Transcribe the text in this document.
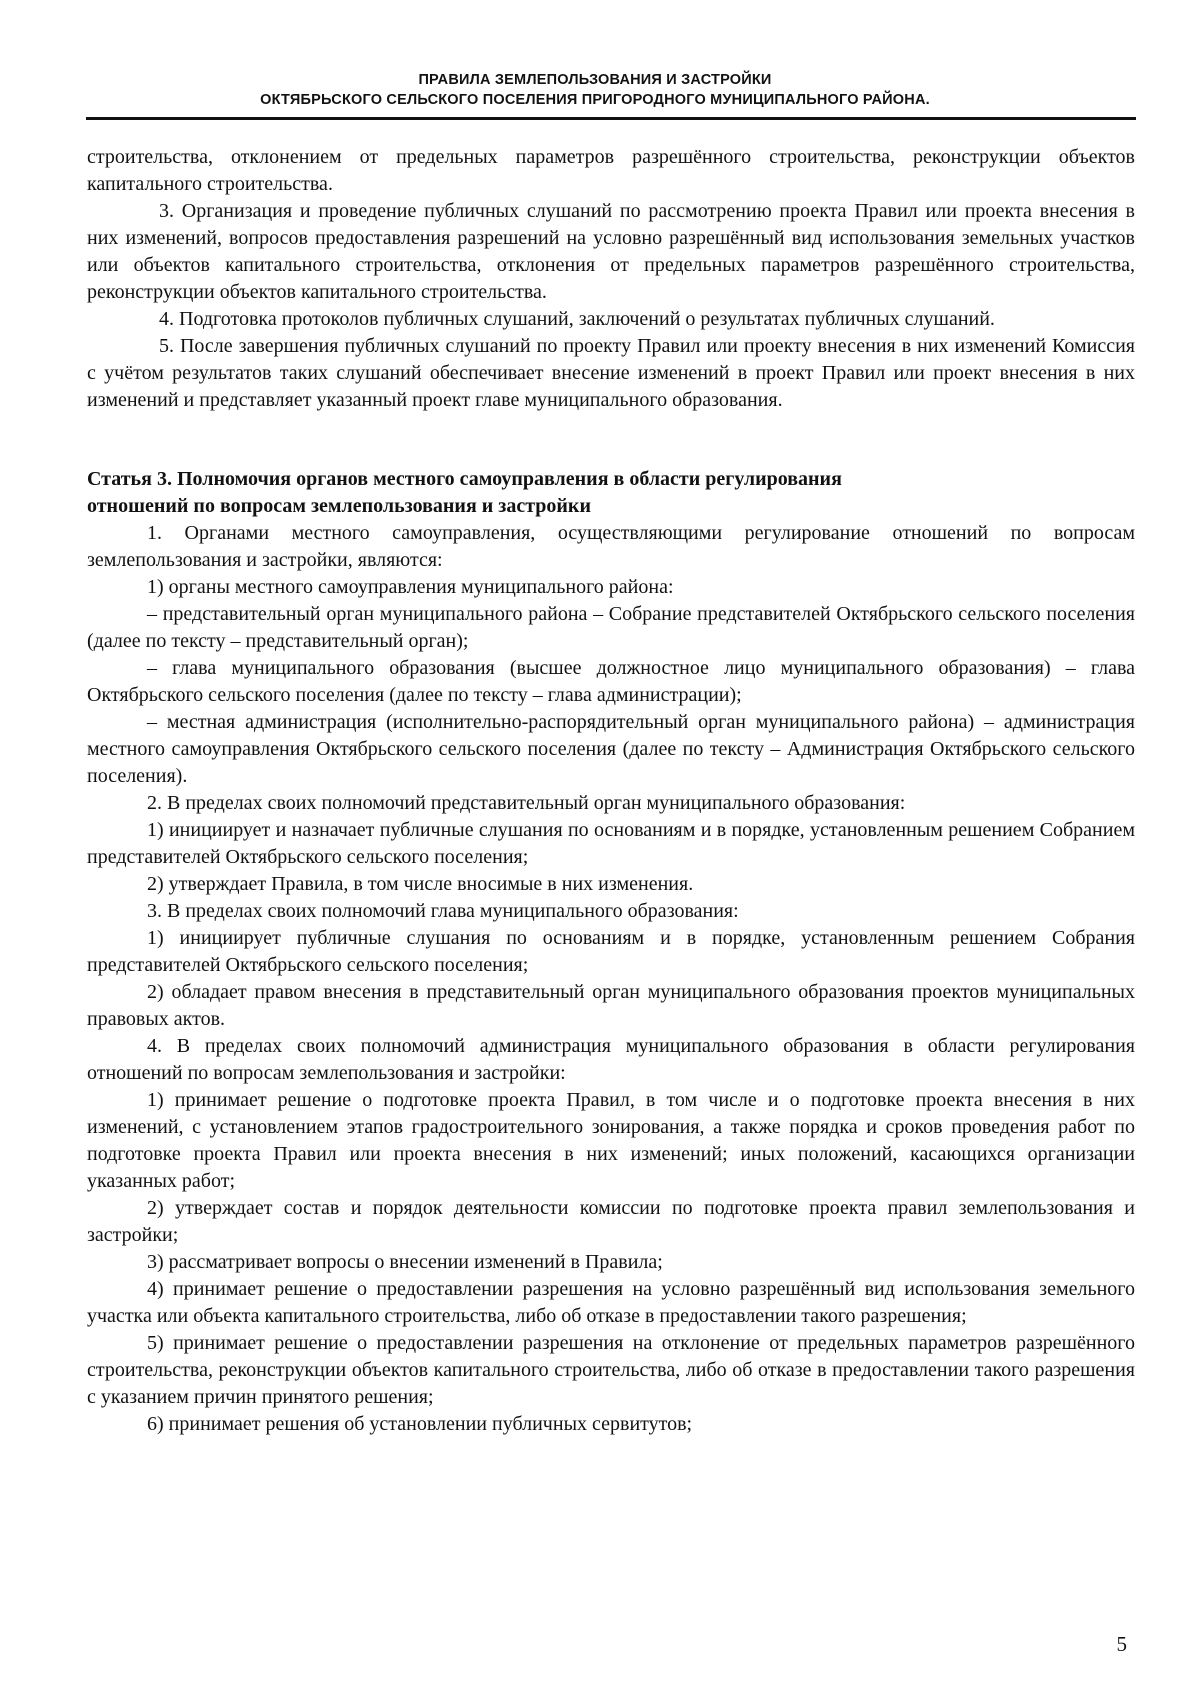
ПРАВИЛА ЗЕМЛЕПОЛЬЗОВАНИЯ И ЗАСТРОЙКИ
ОКТЯБРЬСКОГО СЕЛЬСКОГО ПОСЕЛЕНИЯ ПРИГОРОДНОГО МУНИЦИПАЛЬНОГО РАЙОНА.

строительства, отклонением от предельных параметров разрешённого строительства, реконструкции объектов капитального строительства.

3. Организация и проведение публичных слушаний по рассмотрению проекта Правил или проекта внесения в них изменений, вопросов предоставления разрешений на условно разрешённый вид использования земельных участков или объектов капитального строительства, отклонения от предельных параметров разрешённого строительства, реконструкции объектов капитального строительства.

4. Подготовка протоколов публичных слушаний, заключений о результатах публичных слушаний.

5. После завершения публичных слушаний по проекту Правил или проекту внесения в них изменений Комиссия с учётом результатов таких слушаний обеспечивает внесение изменений в проект Правил или проект внесения в них изменений и представляет указанный проект главе муниципального образования.

Статья 3. Полномочия органов местного самоуправления в области регулирования
отношений по вопросам землепользования и застройки

1. Органами местного самоуправления, осуществляющими регулирование отношений по вопросам землепользования и застройки, являются:

1) органы местного самоуправления муниципального района:

– представительный орган муниципального района – Собрание представителей Октябрьского сельского поселения (далее по тексту – представительный орган);

– глава муниципального образования (высшее должностное лицо муниципального образования) – глава Октябрьского сельского поселения (далее по тексту – глава администрации);

– местная администрация (исполнительно-распорядительный орган муниципального района) – администрация местного самоуправления Октябрьского сельского поселения (далее по тексту – Администрация Октябрьского сельского поселения).

2. В пределах своих полномочий представительный орган муниципального образования:

1) инициирует и назначает публичные слушания по основаниям и в порядке, установленным решением Собранием представителей Октябрьского сельского поселения;

2) утверждает Правила, в том числе вносимые в них изменения.

3. В пределах своих полномочий глава муниципального образования:

1) инициирует публичные слушания по основаниям и в порядке, установленным решением Собрания представителей Октябрьского сельского поселения;

2) обладает правом внесения в представительный орган муниципального образования проектов муниципальных правовых актов.

4. В пределах своих полномочий администрация муниципального образования в области регулирования отношений по вопросам землепользования и застройки:

1) принимает решение о подготовке проекта Правил, в том числе и о подготовке проекта внесения в них изменений, с установлением этапов градостроительного зонирования, а также порядка и сроков проведения работ по подготовке проекта Правил или проекта внесения в них изменений; иных положений, касающихся организации указанных работ;

2) утверждает состав и порядок деятельности комиссии по подготовке проекта правил землепользования и застройки;

3) рассматривает вопросы о внесении изменений в Правила;

4) принимает решение о предоставлении разрешения на условно разрешённый вид использования земельного участка или объекта капитального строительства, либо об отказе в предоставлении такого разрешения;

5) принимает решение о предоставлении разрешения на отклонение от предельных параметров разрешённого строительства, реконструкции объектов капитального строительства, либо об отказе в предоставлении такого разрешения с указанием причин принятого решения;

6) принимает решения об установлении публичных сервитутов;

5
